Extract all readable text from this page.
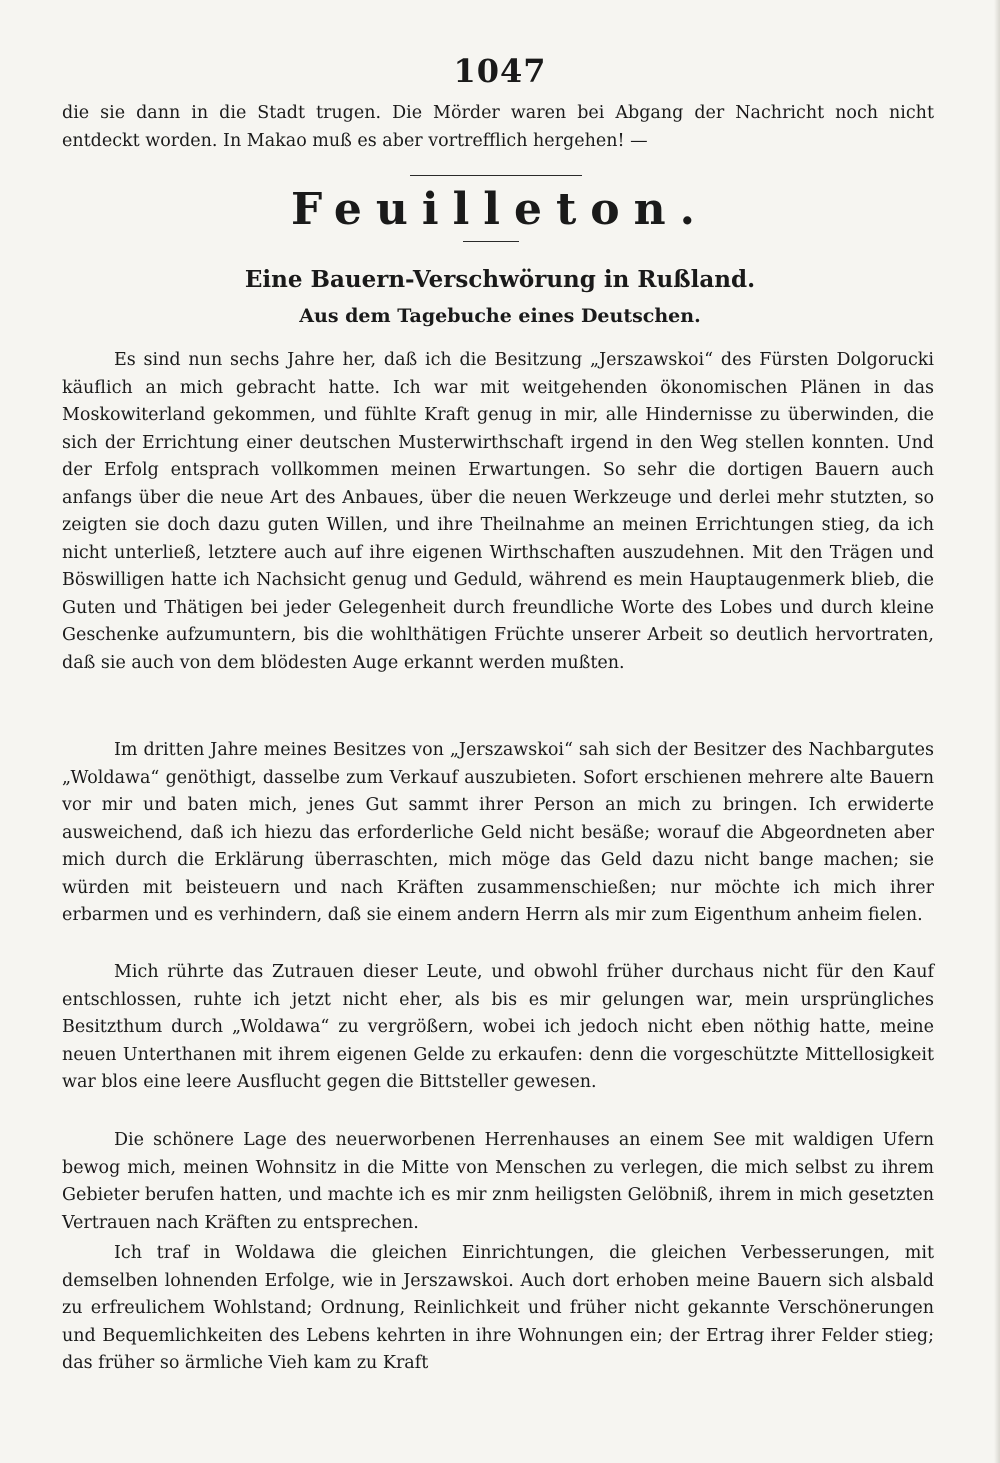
1047

die sie dann in die Stadt trugen. Die Mörder waren bei Abgang der Nachricht noch nicht entdeckt worden. In Makao muß es aber vortrefflich hergehen! —

Feuilleton.
Eine Bauern-Verschwörung in Rußland.
Aus dem Tagebuche eines Deutschen.

Es sind nun sechs Jahre her, daß ich die Besitzung „Jerszawskoi“ des Fürsten Dolgorucki käuflich an mich gebracht hatte. Ich war mit weitgehenden ökonomischen Plänen in das Moskowiterland gekommen, und fühlte Kraft genug in mir, alle Hindernisse zu überwinden, die sich der Errichtung einer deutschen Musterwirthschaft irgend in den Weg stellen konnten. Und der Erfolg entsprach vollkommen meinen Erwartungen. So sehr die dortigen Bauern auch anfangs über die neue Art des Anbaues, über die neuen Werkzeuge und derlei mehr stutzten, so zeigten sie doch dazu guten Willen, und ihre Theilnahme an meinen Errichtungen stieg, da ich nicht unterließ, letztere auch auf ihre eigenen Wirthschaften auszudehnen. Mit den Trägen und Böswilligen hatte ich Nachsicht genug und Geduld, während es mein Hauptaugenmerk blieb, die Guten und Thätigen bei jeder Gelegenheit durch freundliche Worte des Lobes und durch kleine Geschenke aufzumuntern, bis die wohlthätigen Früchte unserer Arbeit so deutlich hervortraten, daß sie auch von dem blödesten Auge erkannt werden mußten.

Im dritten Jahre meines Besitzes von „Jerszawskoi“ sah sich der Besitzer des Nachbargutes „Woldawa“ genöthigt, dasselbe zum Verkauf auszubieten. Sofort erschienen mehrere alte Bauern vor mir und baten mich, jenes Gut sammt ihrer Person an mich zu bringen. Ich erwiderte ausweichend, daß ich hiezu das erforderliche Geld nicht besäße; worauf die Abgeordneten aber mich durch die Erklärung überraschten, mich möge das Geld dazu nicht bange machen; sie würden mit beisteuern und nach Kräften zusammenschießen; nur möchte ich mich ihrer erbarmen und es verhindern, daß sie einem andern Herrn als mir zum Eigenthum anheim fielen.

Mich rührte das Zutrauen dieser Leute, und obwohl früher durchaus nicht für den Kauf entschlossen, ruhte ich jetzt nicht eher, als bis es mir gelungen war, mein ursprüngliches Besitzthum durch „Woldawa“ zu vergrößern, wobei ich jedoch nicht eben nöthig hatte, meine neuen Unterthanen mit ihrem eigenen Gelde zu erkaufen: denn die vorgeschützte Mittellosigkeit war blos eine leere Ausflucht gegen die Bittsteller gewesen.

Die schönere Lage des neuerworbenen Herrenhauses an einem See mit waldigen Ufern bewog mich, meinen Wohnsitz in die Mitte von Menschen zu verlegen, die mich selbst zu ihrem Gebieter berufen hatten, und machte ich es mir znm heiligsten Gelöbniß, ihrem in mich gesetzten Vertrauen nach Kräften zu entsprechen.

Ich traf in Woldawa die gleichen Einrichtungen, die gleichen Verbesserungen, mit demselben lohnenden Erfolge, wie in Jerszawskoi. Auch dort erhoben meine Bauern sich alsbald zu erfreulichem Wohlstand; Ordnung, Reinlichkeit und früher nicht gekannte Verschönerungen und Bequemlichkeiten des Lebens kehrten in ihre Wohnungen ein; der Ertrag ihrer Felder stieg; das früher so ärmliche Vieh kam zu Kraft
